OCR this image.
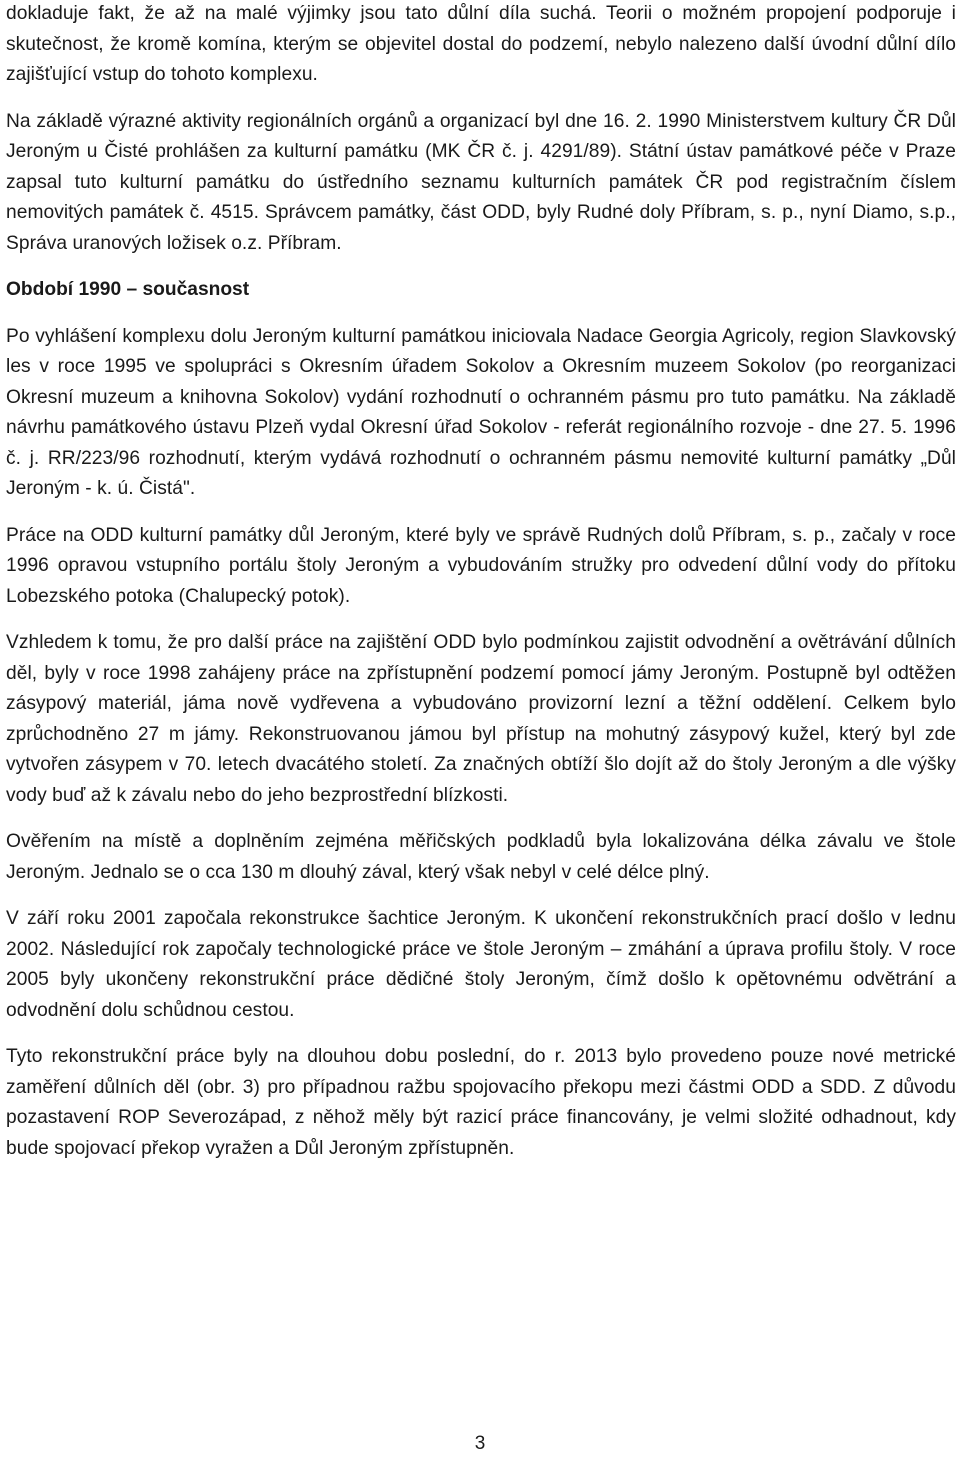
dokladuje fakt, že až na malé výjimky jsou tato důlní díla suchá. Teorii o možném propojení podporuje i skutečnost, že kromě komína, kterým se objevitel dostal do podzemí, nebylo nalezeno další úvodní důlní dílo zajišťující vstup do tohoto komplexu.

Na základě výrazné aktivity regionálních orgánů a organizací byl dne 16. 2. 1990 Ministerstvem kultury ČR Důl Jeroným u Čisté prohlášen za kulturní památku (MK ČR č. j. 4291/89). Státní ústav památkové péče v Praze zapsal tuto kulturní památku do ústředního seznamu kulturních památek ČR pod registračním číslem nemovitých památek č. 4515. Správcem památky, část ODD, byly Rudné doly Příbram, s. p., nyní Diamo, s.p., Správa uranových ložisek o.z. Příbram.

Období 1990 – současnost

Po vyhlášení komplexu dolu Jeroným kulturní památkou iniciovala Nadace Georgia Agricoly, region Slavkovský les v roce 1995 ve spolupráci s Okresním úřadem Sokolov a Okresním muzeem Sokolov (po reorganizaci Okresní muzeum a knihovna Sokolov) vydání rozhodnutí o ochranném pásmu pro tuto památku. Na základě návrhu památkového ústavu Plzeň vydal Okresní úřad Sokolov - referát regionálního rozvoje - dne 27. 5. 1996 č. j. RR/223/96 rozhodnutí, kterým vydává rozhodnutí o ochranném pásmu nemovité kulturní památky „Důl Jeroným - k. ú. Čistá".

Práce na ODD kulturní památky důl Jeroným, které byly ve správě Rudných dolů Příbram, s. p., začaly v roce 1996 opravou vstupního portálu štoly Jeroným a vybudováním stružky pro odvedení důlní vody do přítoku Lobezského potoka (Chalupecký potok).

Vzhledem k tomu, že pro další práce na zajištění ODD bylo podmínkou zajistit odvodnění a ovětrávání důlních děl, byly v roce 1998 zahájeny práce na zpřístupnění podzemí pomocí jámy Jeroným. Postupně byl odtěžen zásypový materiál, jáma nově vydřevena a vybudováno provizorní lezní a těžní oddělení. Celkem bylo zprůchodněno 27 m jámy. Rekonstruovanou jámou byl přístup na mohutný zásypový kužel, který byl zde vytvořen zásypem v 70. letech dvacátého století. Za značných obtíží šlo dojít až do štoly Jeroným a dle výšky vody buď až k závalu nebo do jeho bezprostřední blízkosti.

Ověřením na místě a doplněním zejména měřičských podkladů byla lokalizována délka závalu ve štole Jeroným. Jednalo se o cca 130 m dlouhý zával, který však nebyl v celé délce plný.

V září roku 2001 započala rekonstrukce šachtice Jeroným. K ukončení rekonstrukčních prací došlo v lednu 2002. Následující rok započaly technologické práce ve štole Jeroným – zmáhání a úprava profilu štoly. V roce 2005 byly ukončeny rekonstrukční práce dědičné štoly Jeroným, čímž došlo k opětovnému odvětrání a odvodnění dolu schůdnou cestou.

Tyto rekonstrukční práce byly na dlouhou dobu poslední, do r. 2013 bylo provedeno pouze nové metrické zaměření důlních děl (obr. 3) pro případnou ražbu spojovacího překopu mezi částmi ODD a SDD. Z důvodu pozastavení ROP Severozápad, z něhož měly být razicí práce financovány, je velmi složité odhadnout, kdy bude spojovací překop vyražen a Důl Jeroným zpřístupněn.

3
